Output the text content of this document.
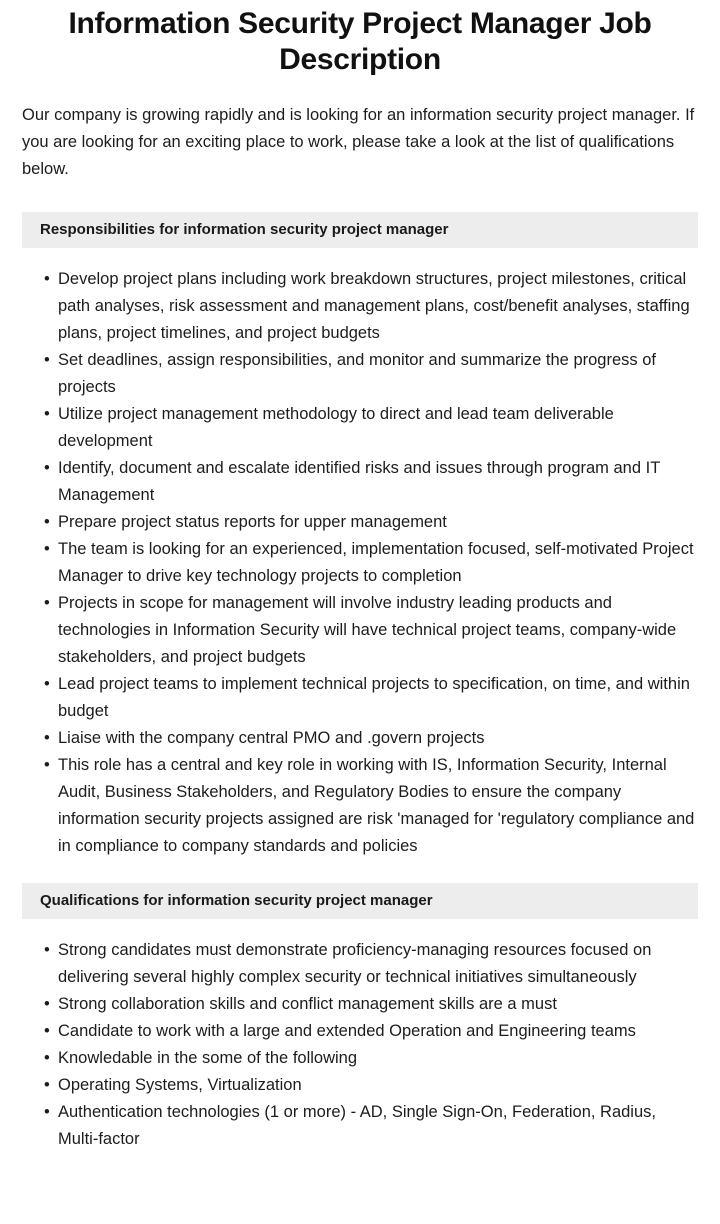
Information Security Project Manager Job Description

Our company is growing rapidly and is looking for an information security project manager. If you are looking for an exciting place to work, please take a look at the list of qualifications below.

Responsibilities for information security project manager
• Develop project plans including work breakdown structures, project milestones, critical path analyses, risk assessment and management plans, cost/benefit analyses, staffing plans, project timelines, and project budgets
• Set deadlines, assign responsibilities, and monitor and summarize the progress of projects
• Utilize project management methodology to direct and lead team deliverable development
• Identify, document and escalate identified risks and issues through program and IT Management
• Prepare project status reports for upper management
• The team is looking for an experienced, implementation focused, self-motivated Project Manager to drive key technology projects to completion
• Projects in scope for management will involve industry leading products and technologies in Information Security will have technical project teams, company-wide stakeholders, and project budgets
• Lead project teams to implement technical projects to specification, on time, and within budget
• Liaise with the company central PMO and .govern projects
• This role has a central and key role in working with IS, Information Security, Internal Audit, Business Stakeholders, and Regulatory Bodies to ensure the company information security projects assigned are risk 'managed for 'regulatory compliance and in compliance to company standards and policies
Qualifications for information security project manager
• Strong candidates must demonstrate proficiency-managing resources focused on delivering several highly complex security or technical initiatives simultaneously
• Strong collaboration skills and conflict management skills are a must
• Candidate to work with a large and extended Operation and Engineering teams
• Knowledable in the some of the following
• Operating Systems, Virtualization
• Authentication technologies (1 or more) - AD, Single Sign-On, Federation, Radius, Multi-factor
